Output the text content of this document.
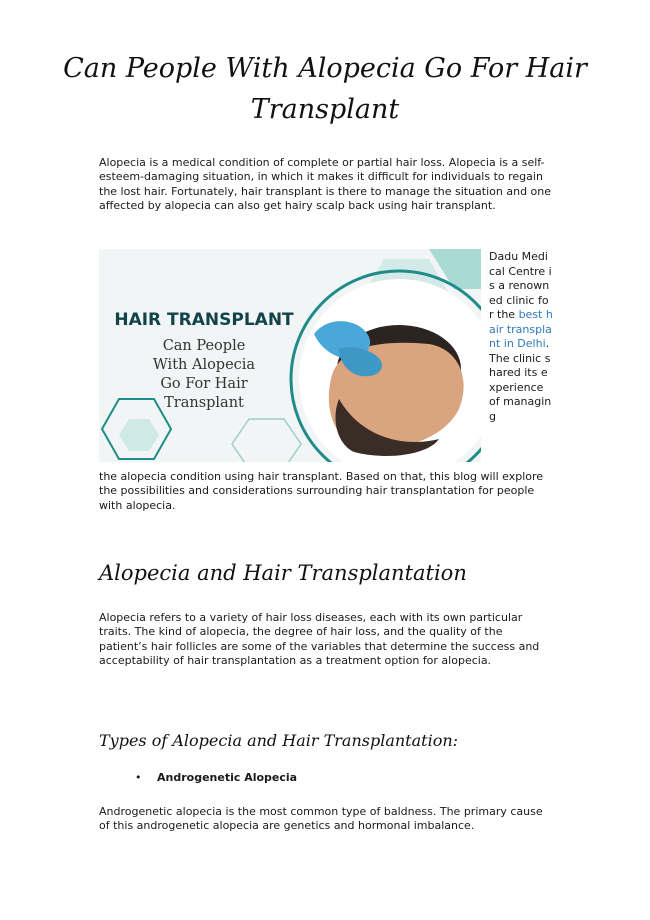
Can People With Alopecia Go For Hair Transplant

Alopecia is a medical condition of complete or partial hair loss. Alopecia is a self-esteem-damaging situation, in which it makes it difficult for individuals to regain the lost hair. Fortunately, hair transplant is there to manage the situation and one affected by alopecia can also get hairy scalp back using hair transplant.

HAIR TRANSPLANT
Can People
With Alopecia
Go For Hair
Transplant
Dadu Medical Centre is a renowned clinic for the best hair transplant in Delhi. The clinic shared its experience of managing

the alopecia condition using hair transplant. Based on that, this blog will explore the possibilities and considerations surrounding hair transplantation for people with alopecia.

Alopecia and Hair Transplantation

Alopecia refers to a variety of hair loss diseases, each with its own particular traits. The kind of alopecia, the degree of hair loss, and the quality of the patient’s hair follicles are some of the variables that determine the success and acceptability of hair transplantation as a treatment option for alopecia.

Types of Alopecia and Hair Transplantation:
• Androgenetic Alopecia

Androgenetic alopecia is the most common type of baldness. The primary cause of this androgenetic alopecia are genetics and hormonal imbalance.
